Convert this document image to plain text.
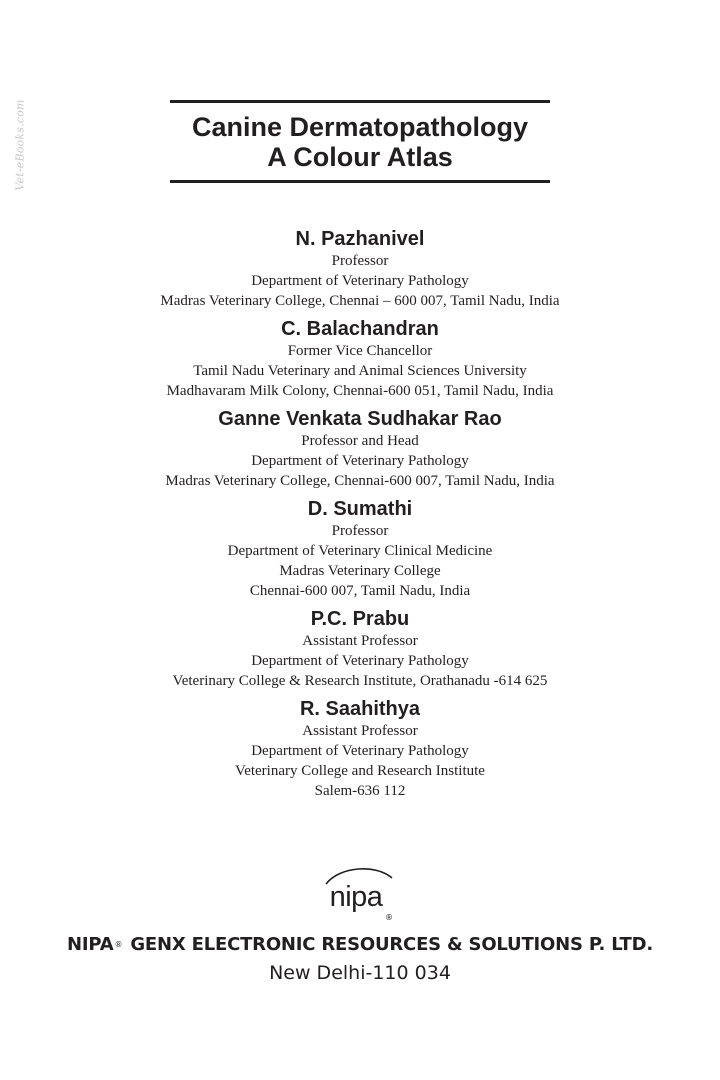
Vet-eBooks.com	Canine Dermatopathology
A Colour Atlas
N. Pazhanivel
Professor
Department of Veterinary Pathology
Madras Veterinary College, Chennai – 600 007, Tamil Nadu, India
C. Balachandran
Former Vice Chancellor
Tamil Nadu Veterinary and Animal Sciences University
Madhavaram Milk Colony, Chennai-600 051, Tamil Nadu, India
Ganne Venkata Sudhakar Rao
Professor and Head
Department of Veterinary Pathology
Madras Veterinary College, Chennai-600 007, Tamil Nadu, India
D. Sumathi
Professor
Department of Veterinary Clinical Medicine
Madras Veterinary College
Chennai-600 007, Tamil Nadu, India
P.C. Prabu
Assistant Professor
Department of Veterinary Pathology
Veterinary College & Research Institute, Orathanadu -614 625
R. Saahithya
Assistant Professor
Department of Veterinary Pathology
Veterinary College and Research Institute
Salem-636 112
nipa
®
NIPA® GENX ELECTRONIC RESOURCES & SOLUTIONS P. LTD.
New Delhi-110 034
